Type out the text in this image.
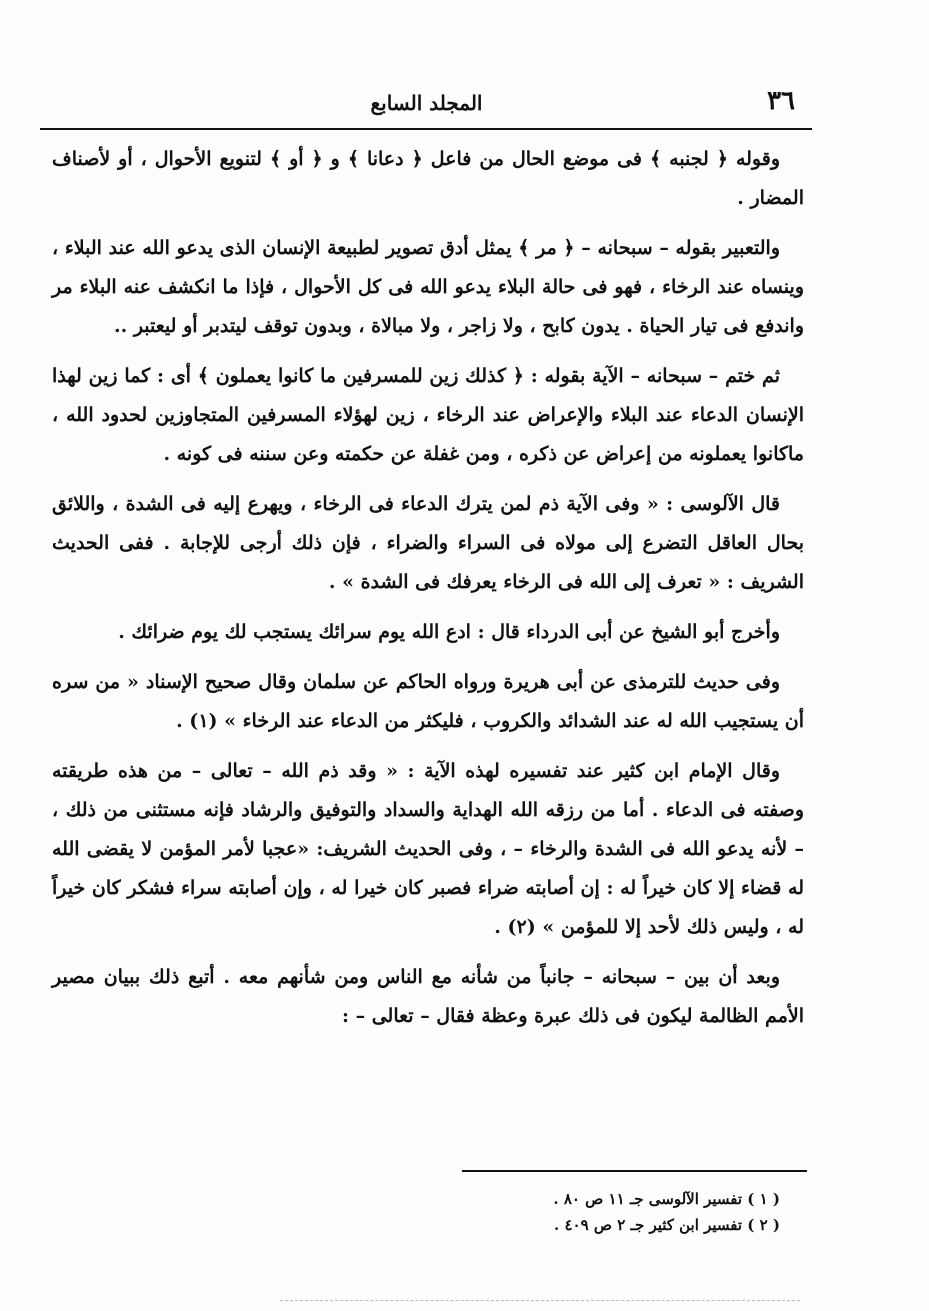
٣٦
المجلد السابع

وقوله ﴿ لجنبه ﴾ فى موضع الحال من فاعل ﴿ دعانا ﴾ و ﴿ أو ﴾ لتنويع الأحوال ، أو لأصناف المضار .

والتعبير بقوله – سبحانه – ﴿ مر ﴾ يمثل أدق تصوير لطبيعة الإنسان الذى يدعو الله عند البلاء ، وينساه عند الرخاء ، فهو فى حالة البلاء يدعو الله فى كل الأحوال ، فإذا ما انكشف عنه البلاء مر واندفع فى تيار الحياة . يدون كابح ، ولا زاجر ، ولا مبالاة ، وبدون توقف ليتدبر أو ليعتبر ..

ثم ختم – سبحانه – الآية بقوله : ﴿ كذلك زين للمسرفين ما كانوا يعملون ﴾ أى : كما زين لهذا الإنسان الدعاء عند البلاء والإعراض عند الرخاء ، زين لهؤلاء المسرفين المتجاوزين لحدود الله ، ماكانوا يعملونه من إعراض عن ذكره ، ومن غفلة عن حكمته وعن سننه فى كونه .

قال الآلوسى : « وفى الآية ذم لمن يترك الدعاء فى الرخاء ، ويهرع إليه فى الشدة ، واللائق بحال العاقل التضرع إلى مولاه فى السراء والضراء ، فإن ذلك أرجى للإجابة . ففى الحديث الشريف : « تعرف إلى الله فى الرخاء يعرفك فى الشدة » .

وأخرج أبو الشيخ عن أبى الدرداء قال : ادع الله يوم سرائك يستجب لك يوم ضرائك .

وفى حديث للترمذى عن أبى هريرة ورواه الحاكم عن سلمان وقال صحيح الإسناد « من سره أن يستجيب الله له عند الشدائد والكروب ، فليكثر من الدعاء عند الرخاء » (١) .

وقال الإمام ابن كثير عند تفسيره لهذه الآية : « وقد ذم الله – تعالى – من هذه طريقته وصفته فى الدعاء . أما من رزقه الله الهداية والسداد والتوفيق والرشاد فإنه مستثنى من ذلك ، – لأنه يدعو الله فى الشدة والرخاء – ، وفى الحديث الشريف: «عجبا لأمر المؤمن لا يقضى الله له قضاء إلا كان خيراً له : إن أصابته ضراء فصبر كان خيرا له ، وإن أصابته سراء فشكر كان خيراً له ، وليس ذلك لأحد إلا للمؤمن » (٢) .

وبعد أن بين – سبحانه – جانباً من شأنه مع الناس ومن شأنهم معه . أتبع ذلك ببيان مصير الأمم الظالمة ليكون فى ذلك عبرة وعظة فقال – تعالى – :

( ١ ) تفسير الآلوسى جـ ١١ ص ٨٠ .

( ٢ ) تفسير ابن كثير جـ ٢ ص ٤٠٩ .
